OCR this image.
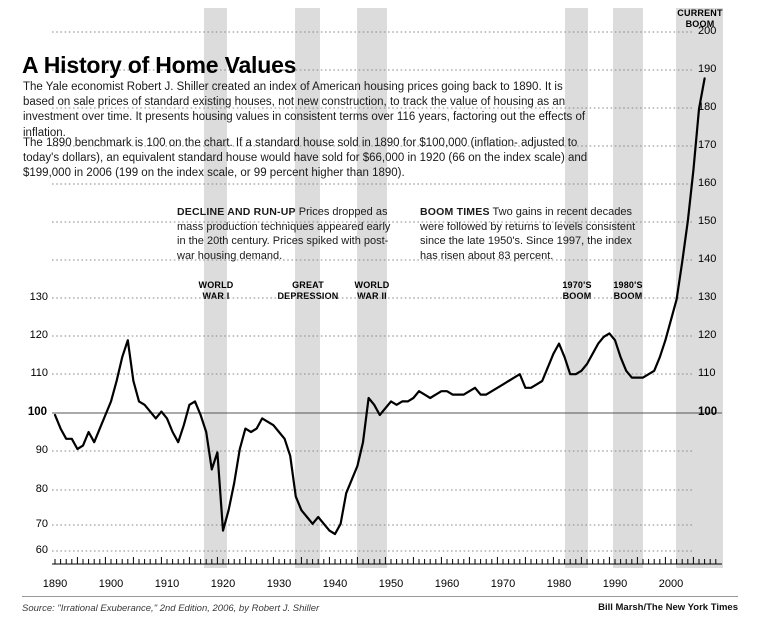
WORLD
WAR I
GREAT
DEPRESSION
WORLD
WAR II
1970'S
BOOM
1980'S
BOOM
CURRENT
BOOM
130
120
110
100
90
80
70
60
100
110
120
130
140
150
160
170
180
190
200
1890	1900	1910	1920	1930	1940	1950	1960	1970	1980	1990	2000
A History of Home Values
The Yale economist Robert J. Shiller created an index of American housing prices going back to 1890. It is based on sale prices of standard existing houses, not new construction, to track the value of housing as an investment over time. It presents housing values in consistent terms over 116 years, factoring out the effects of inflation.
The 1890 benchmark is 100 on the chart. If a standard house sold in 1890 for $100,000 (inflation- adjusted to today's dollars), an equivalent standard house would have sold for $66,000 in 1920 (66 on the index scale) and $199,000 in 2006 (199 on the index scale, or 99 percent higher than 1890).
DECLINE AND RUN-UP Prices dropped as mass production techniques appeared early in the 20th century. Prices spiked with post-war housing demand.
BOOM TIMES Two gains in recent decades were followed by returns to levels consistent since the late 1950's. Since 1997, the index has risen about 83 percent.
Source: "Irrational Exuberance," 2nd Edition, 2006, by Robert J. Shiller	Bill Marsh/The New York Times
